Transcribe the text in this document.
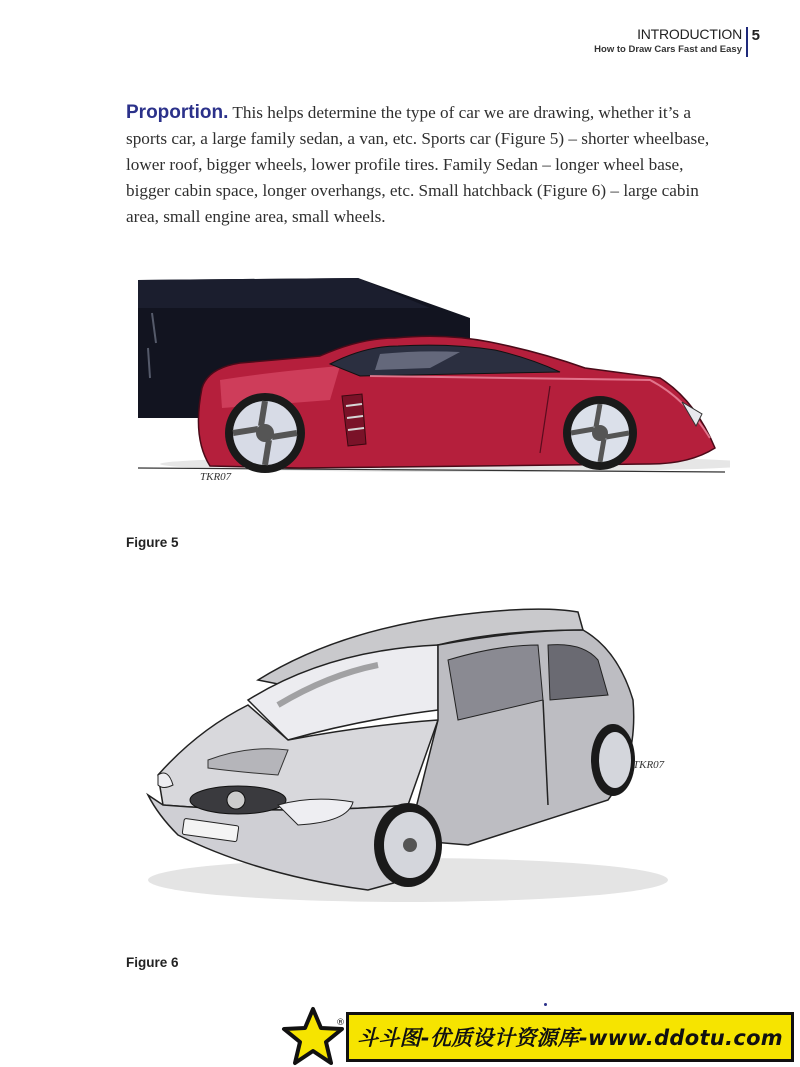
INTRODUCTION
How to Draw Cars Fast and Easy
5

Proportion. This helps determine the type of car we are drawing, whether it’s a sports car, a large family sedan, a van, etc. Sports car (Figure 5) – shorter wheelbase, lower roof, bigger wheels, lower profile tires. Family Sedan – longer wheel base, bigger cabin space, longer overhangs, etc. Small hatchback (Figure 6) – large cabin area, small engine area, small wheels.

TKR07
Figure 5
TKR07
Figure 6
®
斗斗图-优质设计资源库-www.ddotu.com
